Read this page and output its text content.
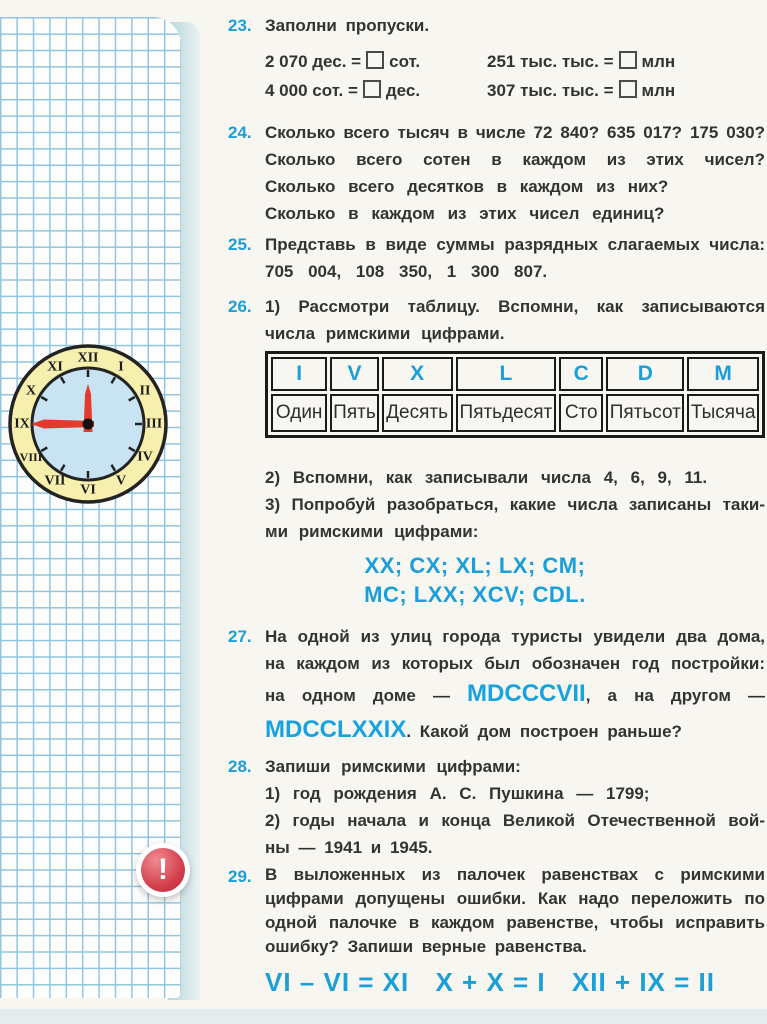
XII
I
II
III
IV
V
VI
VII
VIII
IX
X
XI
!
23. Заполни пропуски.
2 070 дес. = сот.	251 тыс. тыс. = млн
4 000 сот. = дес.	307 тыс. тыс. = млн
24. Сколько всего тысяч в числе 72 840? 635 017? 175 030?
Сколько всего сотен в каждом из этих чисел?
Сколько всего десятков в каждом из них?
Сколько в каждом из этих чисел единиц?
25. Представь в виде суммы разрядных слагаемых числа:
705 004, 108 350, 1 300 807.
26. 1) Рассмотри таблицу. Вспомни, как записываются
числа римскими цифрами.
I	V	X	L	C	D	M
Один	Пять	Десять	Пятьдесят	Сто	Пятьсот	Тысяча
2) Вспомни, как записывали числа 4, 6, 9, 11.
3) Попробуй разобраться, какие числа записаны таки-
ми римскими цифрами:
XX; CX; XL; LX; CM;
MC; LXX; XCV; CDL.
27. На одной из улиц города туристы увидели два дома,
на каждом из которых был обозначен год постройки:
на одном доме — MDCCCVII, а на другом —
MDCCLXXIX. Какой дом построен раньше?
28. Запиши римскими цифрами:
1) год рождения А. С. Пушкина — 1799;
2) годы начала и конца Великой Отечественной вой-
ны — 1941 и 1945.
29. В выложенных из палочек равенствах с римскими
цифрами допущены ошибки. Как надо переложить по
одной палочке в каждом равенстве, чтобы исправить
ошибку? Запиши верные равенства.
VI – VI = XI X + X = I XII + IX = II
